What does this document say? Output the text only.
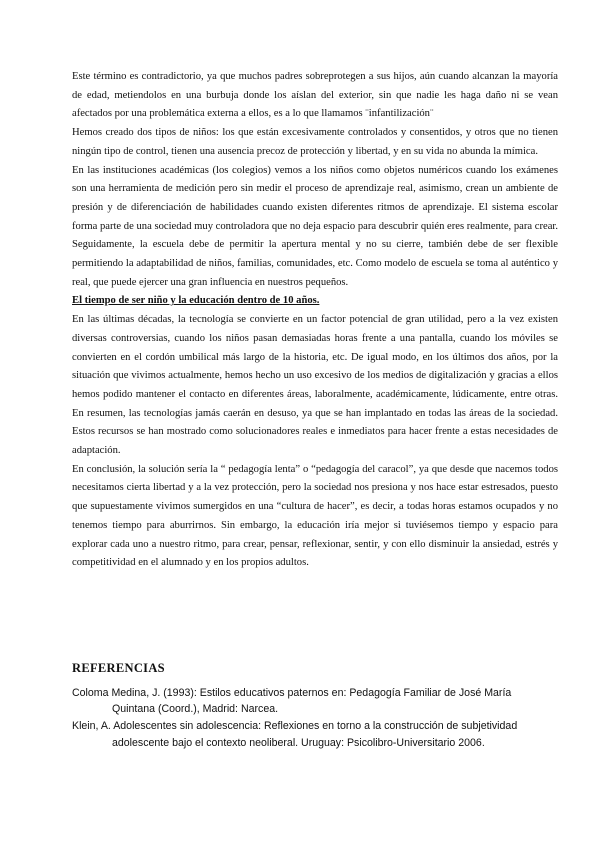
Este término es contradictorio, ya que muchos padres sobreprotegen a sus hijos, aún cuando alcanzan la mayoría de edad, metiendolos en una burbuja donde los aíslan del exterior, sin que nadie les haga daño ni se vean afectados por una problemática externa a ellos, es a lo que llamamos ¨infantilización¨

Hemos creado dos tipos de niños: los que están excesivamente controlados y consentidos, y otros que no tienen ningún tipo de control, tienen una ausencia precoz de protección y libertad, y en su vida no abunda la mímica.

En las instituciones académicas (los colegios) vemos a los niños como objetos numéricos cuando los exámenes son una herramienta de medición pero sin medir el proceso de aprendizaje real, asimismo, crean un ambiente de presión y de diferenciación de habilidades cuando existen diferentes ritmos de aprendizaje. El sistema escolar forma parte de una sociedad muy controladora que no deja espacio para descubrir quién eres realmente, para crear. Seguidamente, la escuela debe de permitir la apertura mental y no su cierre, también debe de ser flexible permitiendo la adaptabilidad de niños, familias, comunidades, etc. Como modelo de escuela se toma al auténtico y real, que puede ejercer una gran influencia en nuestros pequeños.

El tiempo de ser niño y la educación dentro de 10 años.

En las últimas décadas, la tecnología se convierte en un factor potencial de gran utilidad, pero a la vez existen diversas controversias, cuando los niños pasan demasiadas horas frente a una pantalla, cuando los móviles se convierten en el cordón umbilical más largo de la historia, etc. De igual modo, en los últimos dos años, por la situación que vivimos actualmente, hemos hecho un uso excesivo de los medios de digitalización y gracias a ellos hemos podido mantener el contacto en diferentes áreas, laboralmente, académicamente, lúdicamente, entre otras. En resumen, las tecnologías jamás caerán en desuso, ya que se han implantado en todas las áreas de la sociedad. Estos recursos se han mostrado como solucionadores reales e inmediatos para hacer frente a estas necesidades de adaptación.

En conclusión, la solución sería la “ pedagogía lenta” o “pedagogía del caracol”, ya que desde que nacemos todos necesitamos cierta libertad y a la vez protección, pero la sociedad nos presiona y nos hace estar estresados, puesto que supuestamente vivimos sumergidos en una “cultura de hacer”, es decir, a todas horas estamos ocupados y no tenemos tiempo para aburrirnos. Sin embargo, la educación iría mejor si tuviésemos tiempo y espacio para explorar cada uno a nuestro ritmo, para crear, pensar, reflexionar, sentir, y con ello disminuir la ansiedad, estrés y competitividad en el alumnado y en los propios adultos.

REFERENCIAS

Coloma Medina, J. (1993): Estilos educativos paternos en: Pedagogía Familiar de José María Quintana (Coord.), Madrid: Narcea.

Klein, A. Adolescentes sin adolescencia: Reflexiones en torno a la construcción de subjetividad adolescente bajo el contexto neoliberal. Uruguay: Psicolibro-Universitario 2006.
